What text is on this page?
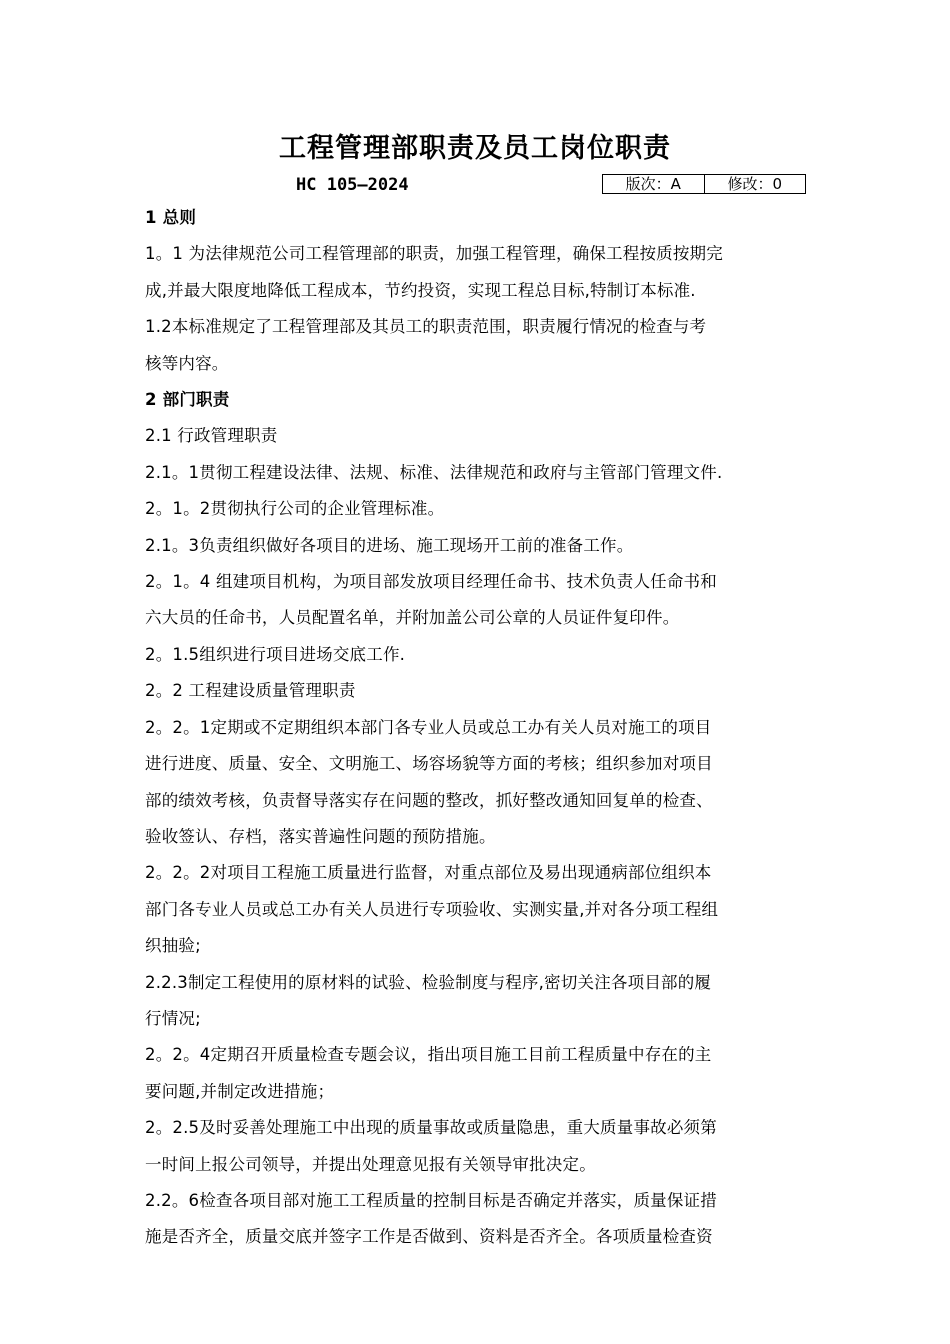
工程管理部职责及员工岗位职责
HC 105—2024	版次：A	修改：0
1 总则
1。1 为法律规范公司工程管理部的职责，加强工程管理，确保工程按质按期完
成,并最大限度地降低工程成本，节约投资，实现工程总目标,特制订本标准.
1.2本标准规定了工程管理部及其员工的职责范围，职责履行情况的检查与考
核等内容。
2 部门职责
2.1 行政管理职责
2.1。1贯彻工程建设法律、法规、标准、法律规范和政府与主管部门管理文件.
2。1。2贯彻执行公司的企业管理标准。
2.1。3负责组织做好各项目的进场、施工现场开工前的准备工作。
2。1。4 组建项目机构，为项目部发放项目经理任命书、技术负责人任命书和
六大员的任命书，人员配置名单，并附加盖公司公章的人员证件复印件。
2。1.5组织进行项目进场交底工作.
2。2 工程建设质量管理职责
2。2。1定期或不定期组织本部门各专业人员或总工办有关人员对施工的项目
进行进度、质量、安全、文明施工、场容场貌等方面的考核；组织参加对项目
部的绩效考核，负责督导落实存在问题的整改，抓好整改通知回复单的检查、
验收签认、存档，落实普遍性问题的预防措施。
2。2。2对项目工程施工质量进行监督，对重点部位及易出现通病部位组织本
部门各专业人员或总工办有关人员进行专项验收、实测实量,并对各分项工程组
织抽验;
2.2.3制定工程使用的原材料的试验、检验制度与程序,密切关注各项目部的履
行情况;
2。2。4定期召开质量检查专题会议，指出项目施工目前工程质量中存在的主
要问题,并制定改进措施；
2。2.5及时妥善处理施工中出现的质量事故或质量隐患，重大质量事故必须第
一时间上报公司领导，并提出处理意见报有关领导审批决定。
2.2。6检查各项目部对施工工程质量的控制目标是否确定并落实，质量保证措
施是否齐全，质量交底并签字工作是否做到、资料是否齐全。各项质量检查资
